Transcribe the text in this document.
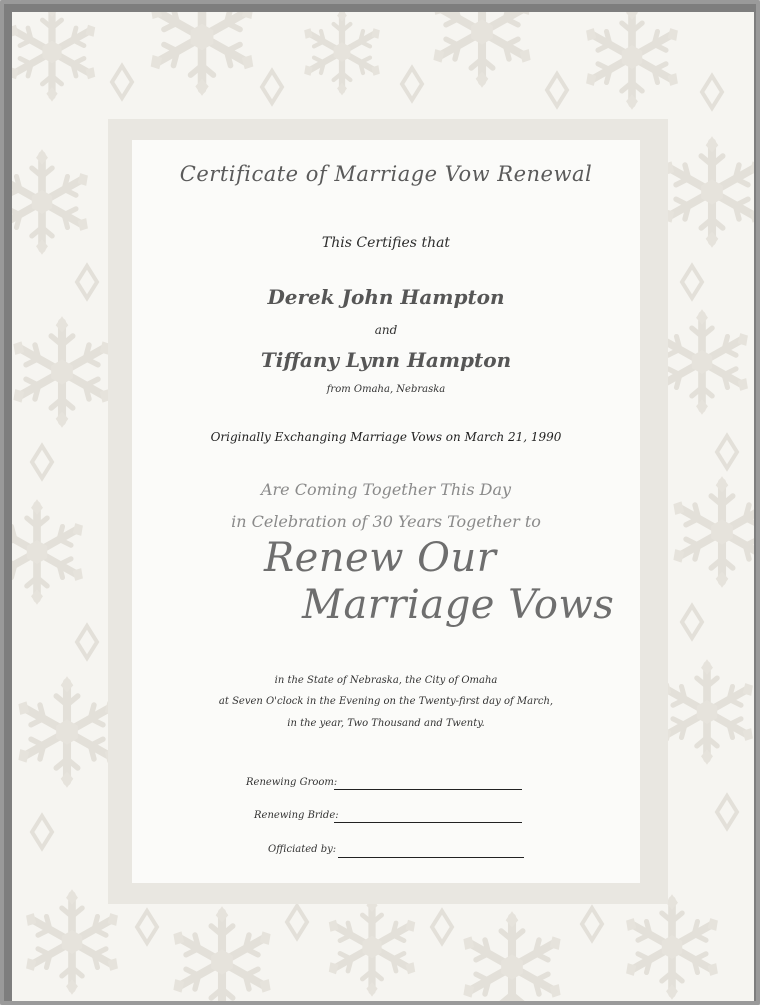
Certificate of Marriage Vow Renewal
This Certifies that
Derek John Hampton
and
Tiffany Lynn Hampton
from Omaha, Nebraska
Originally Exchanging Marriage Vows on March 21, 1990
Are Coming Together This Day
in Celebration of 30 Years Together to
Renew Our
Marriage Vows
in the State of Nebraska, the City of Omaha
at Seven O'clock in the Evening on the Twenty-first day of March,
in the year, Two Thousand and Twenty.
Renewing Groom:
Renewing Bride:
Officiated by:
